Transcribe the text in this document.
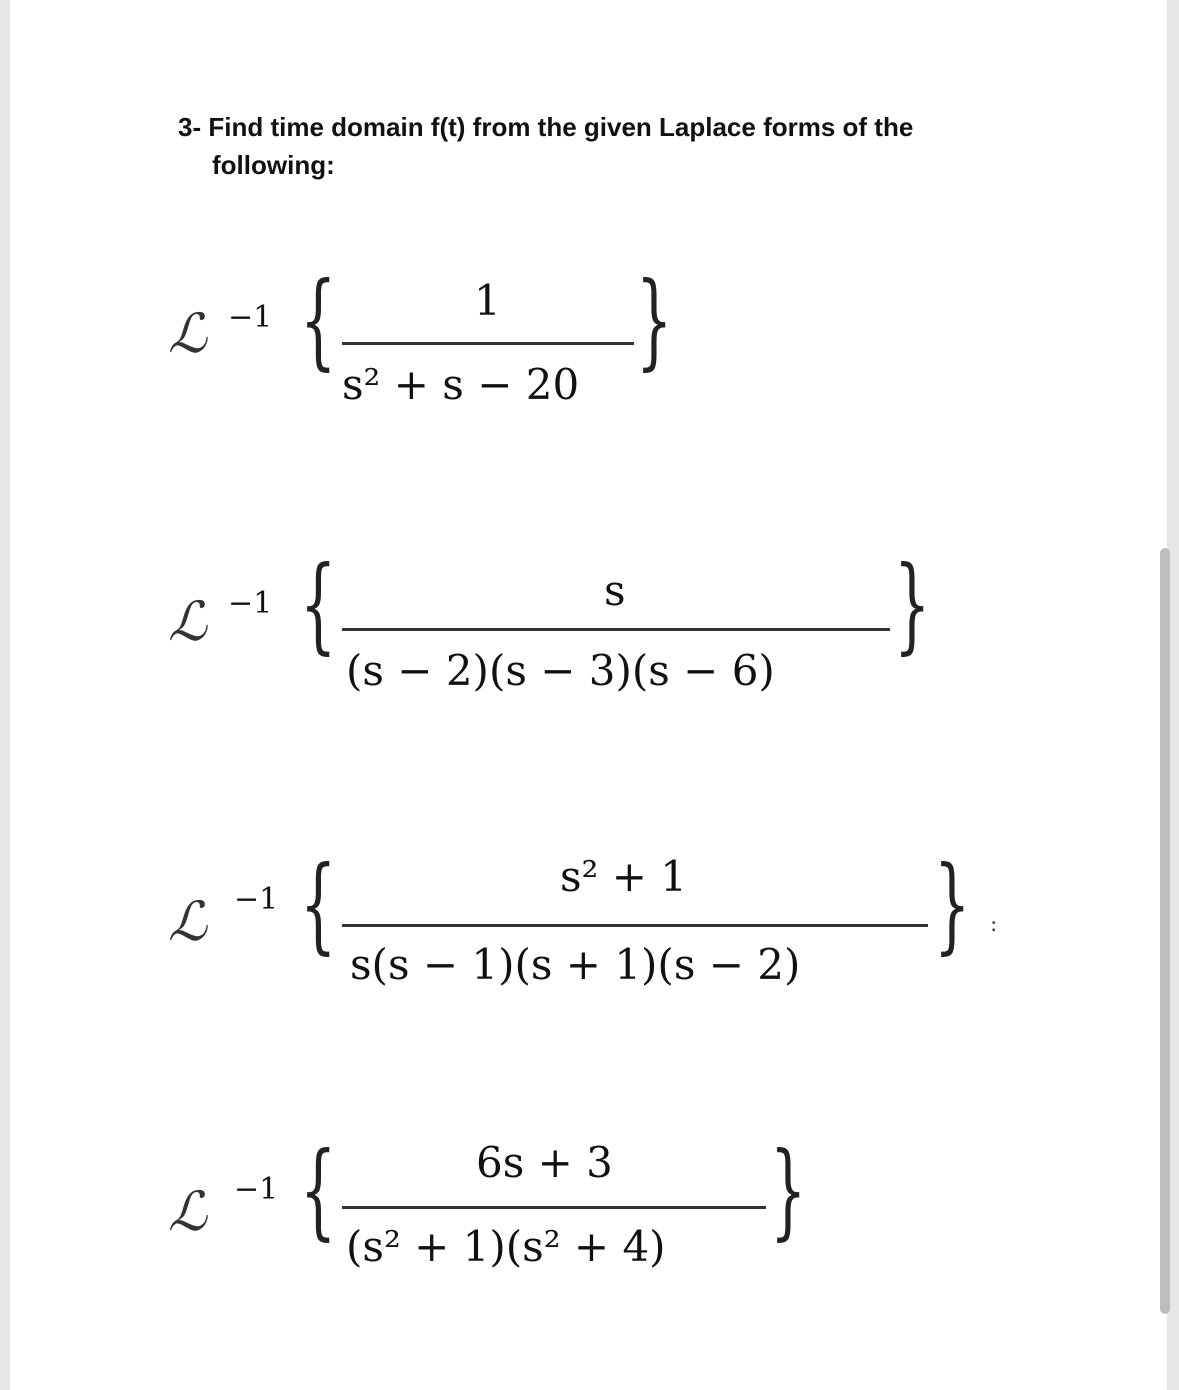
3- Find time domain f(t) from the given Laplace forms of the
following:
ℒ −1 {	1
s² + s − 20
}
ℒ −1 {	s
(s − 2)(s − 3)(s − 6)
}
ℒ −1 {	s² + 1
s(s − 1)(s + 1)(s − 2) } :
ℒ −1 {	6s + 3
(s² + 1)(s² + 4) }
